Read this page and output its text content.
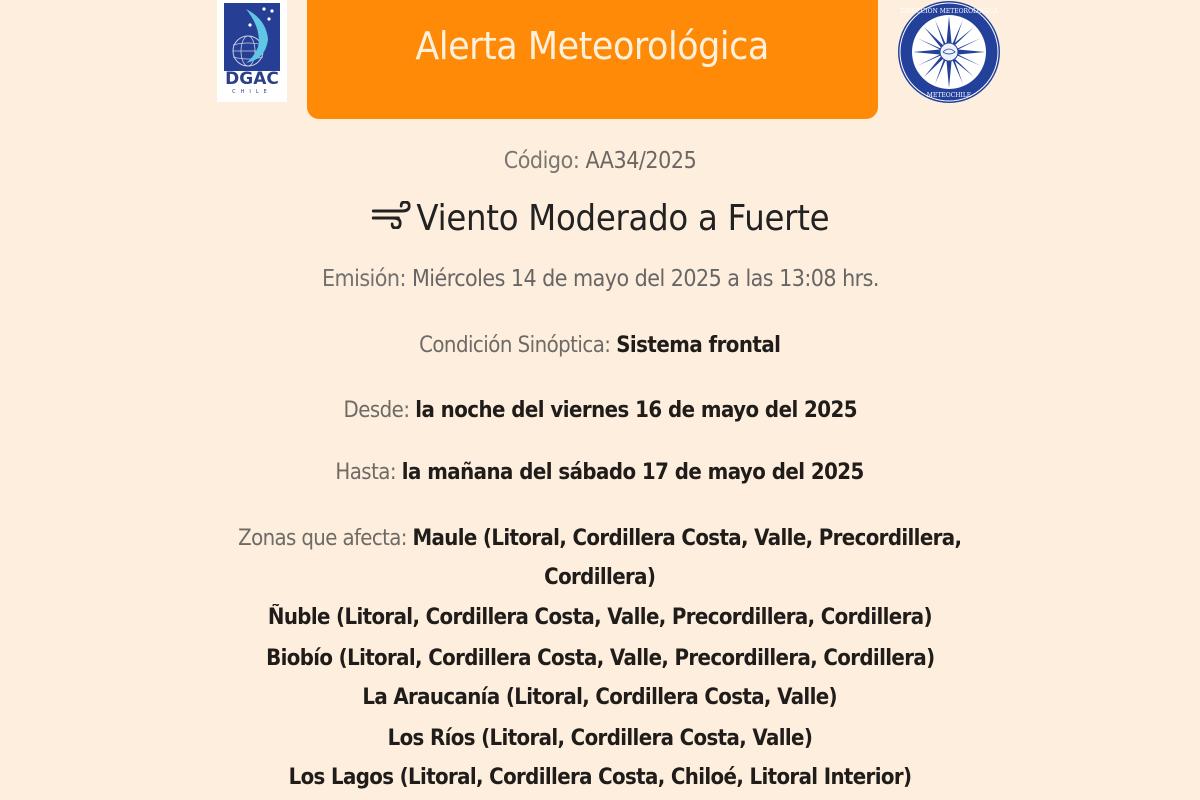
DGAC
CHILE
Alerta Meteorológica
DIRECCIÓN METEOROLÓGICA
METEOCHILE
Código: AA34/2025
Viento Moderado a Fuerte
Emisión: Miércoles 14 de mayo del 2025 a las 13:08 hrs.
Condición Sinóptica: Sistema frontal
Desde: la noche del viernes 16 de mayo del 2025
Hasta: la mañana del sábado 17 de mayo del 2025
Zonas que afecta: Maule (Litoral, Cordillera Costa, Valle, Precordillera,
Cordillera)
Ñuble (Litoral, Cordillera Costa, Valle, Precordillera, Cordillera)
Biobío (Litoral, Cordillera Costa, Valle, Precordillera, Cordillera)
La Araucanía (Litoral, Cordillera Costa, Valle)
Los Ríos (Litoral, Cordillera Costa, Valle)
Los Lagos (Litoral, Cordillera Costa, Chiloé, Litoral Interior)
